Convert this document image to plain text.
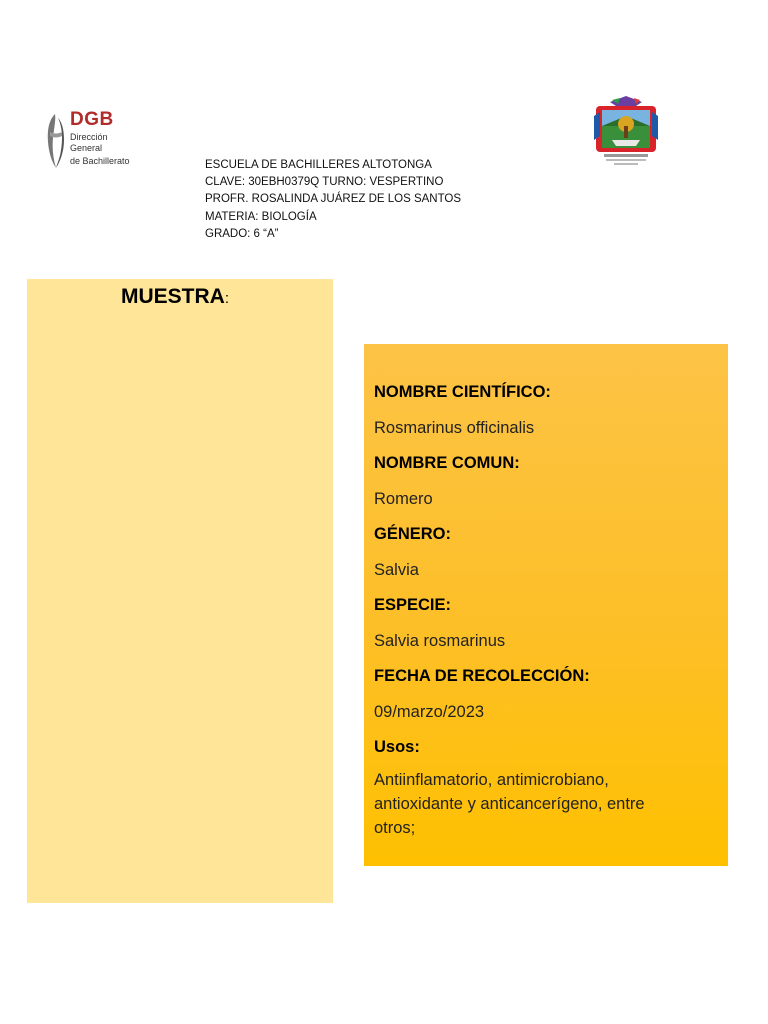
DGB
Dirección General
de Bachillerato	ESCUELA DE BACHILLERES ALTOTONGA
CLAVE: 30EBH0379Q TURNO: VESPERTINO
PROFR. ROSALINDA JUÁREZ DE LOS SANTOS
MATERIA: BIOLOGÍA
GRADO: 6 “A”
MUESTRA:
NOMBRE CIENTÍFICO:
Rosmarinus officinalis
NOMBRE COMUN:
Romero
GÉNERO:
Salvia
ESPECIE:
Salvia rosmarinus
FECHA DE RECOLECCIÓN:
09/marzo/2023
Usos:
Antiinflamatorio, antimicrobiano,
antioxidante y anticancerígeno, entre
otros;
